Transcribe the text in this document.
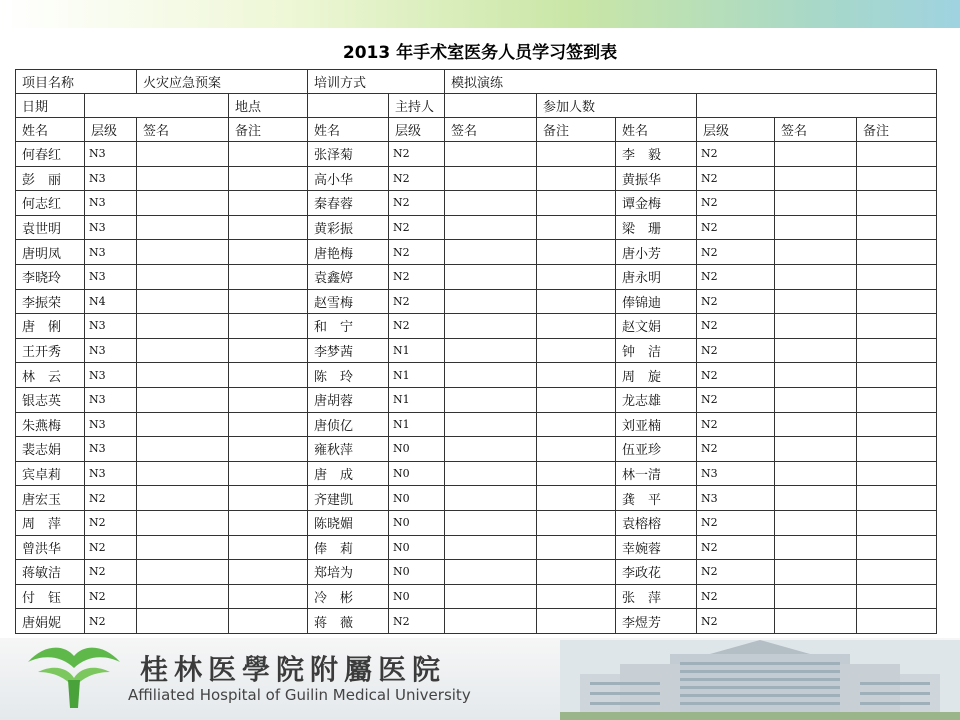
2013 年手术室医务人员学习签到表
项目名称		火灾应急预案		培训方式		模拟演练					
日期			地点		主持人		参加人数				
姓名	层级	签名	备注	姓名	层级	签名	备注	姓名	层级	签名	备注
何春红	N3			张泽菊	N2			李　毅	N2		
彭　丽	N3			高小华	N2			黄振华	N2		
何志红	N3			秦春蓉	N2			谭金梅	N2		
袁世明	N3			黄彩振	N2			梁　珊	N2		
唐明凤	N3			唐艳梅	N2			唐小芳	N2		
李晓玲	N3			袁鑫婷	N2			唐永明	N2		
李振荣	N4			赵雪梅	N2			俸锦迪	N2		
唐　俐	N3			和　宁	N2			赵文娟	N2		
王开秀	N3			李梦茜	N1			钟　洁	N2		
林　云	N3			陈　玲	N1			周　旋	N2		
银志英	N3			唐胡蓉	N1			龙志雄	N2		
朱燕梅	N3			唐侦亿	N1			刘亚楠	N2		
裴志娟	N3			雍秋萍	N0			伍亚珍	N2		
宾卓莉	N3			唐　成	N0			林一清	N3		
唐宏玉	N2			齐建凯	N0			龚　平	N3		
周　萍	N2			陈晓媚	N0			袁榕榕	N2		
曾洪华	N2			俸　莉	N0			幸婉蓉	N2		
蒋敏洁	N2			郑培为	N0			李政花	N2		
付　钰	N2			冷　彬	N0			张　萍	N2		
唐娟妮	N2			蒋　薇	N2			李煜芳	N2		
桂林医學院附屬医院
Affiliated Hospital of Guilin Medical University
